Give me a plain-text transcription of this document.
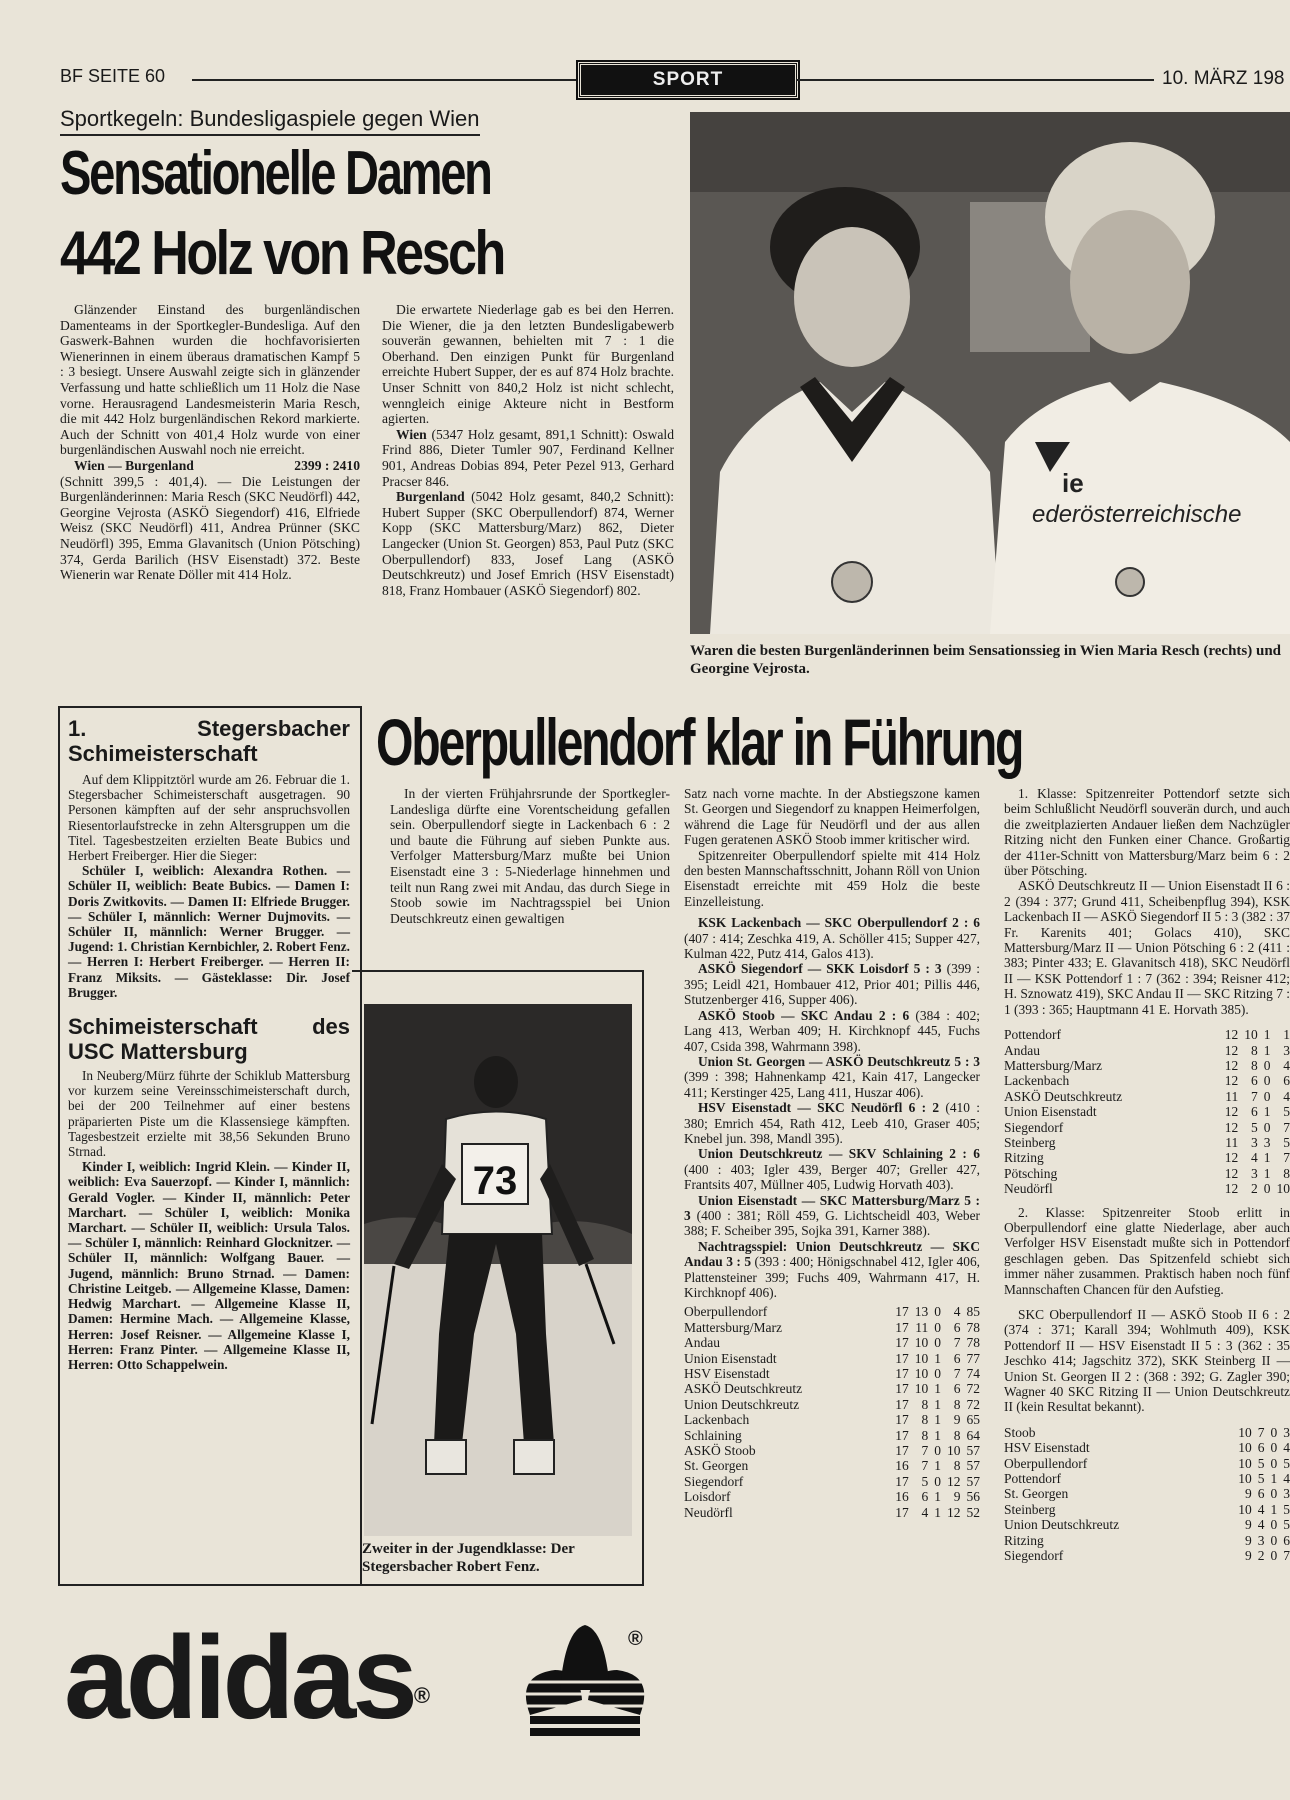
BF SEITE 60	SPORT	10. MÄRZ 198
Sportkegeln: Bundesligaspiele gegen Wien
Sensationelle Damen
442 Holz von Resch

Glänzender Einstand des burgenländischen Damenteams in der Sportkegler-Bundesliga. Auf den Gaswerk-Bahnen wurden die hochfavorisierten Wienerinnen in einem überaus dramatischen Kampf 5 : 3 besiegt. Unsere Auswahl zeigte sich in glänzender Verfassung und hatte schließlich um 11 Holz die Nase vorne. Herausragend Landesmeisterin Maria Resch, die mit 442 Holz burgenländischen Rekord markierte. Auch der Schnitt von 401,4 Holz wurde von einer burgenländischen Auswahl noch nie erreicht.

Wien — Burgenland	2399 : 2410

(Schnitt 399,5 : 401,4). — Die Leistungen der Burgenländerinnen: Maria Resch (SKC Neudörfl) 442, Georgine Vejrosta (ASKÖ Siegendorf) 416, Elfriede Weisz (SKC Neudörfl) 411, Andrea Prünner (SKC Neudörfl) 395, Emma Glavanitsch (Union Pötsching) 374, Gerda Barilich (HSV Eisenstadt) 372. Beste Wienerin war Renate Döller mit 414 Holz.

Die erwartete Niederlage gab es bei den Herren. Die Wiener, die ja den letzten Bundesligabewerb souverän gewannen, behielten mit 7 : 1 die Oberhand. Den einzigen Punkt für Burgenland erreichte Hubert Supper, der es auf 874 Holz brachte. Unser Schnitt von 840,2 Holz ist nicht schlecht, wenngleich einige Akteure nicht in Bestform agierten.

Wien (5347 Holz gesamt, 891,1 Schnitt): Oswald Frind 886, Dieter Tumler 907, Ferdinand Kellner 901, Andreas Dobias 894, Peter Pezel 913, Gerhard Pracser 846.

Burgenland (5042 Holz gesamt, 840,2 Schnitt): Hubert Supper (SKC Oberpullendorf) 874, Werner Kopp (SKC Mattersburg/Marz) 862, Dieter Langecker (Union St. Georgen) 853, Paul Putz (SKC Oberpullendorf) 833, Josef Lang (ASKÖ Deutschkreutz) und Josef Emrich (HSV Eisenstadt) 818, Franz Hombauer (ASKÖ Siegendorf) 802.

ie
ederösterreichische
Waren die besten Burgenländerinnen beim Sensationssieg in Wien Maria Resch (rechts) und Georgine Vejrosta.
1. Stegersbacher Schimeisterschaft

Auf dem Klippitztörl wurde am 26. Februar die 1. Stegersbacher Schimeisterschaft ausgetragen. 90 Personen kämpften auf der sehr anspruchsvollen Riesentorlaufstrecke in zehn Altersgruppen um die Titel. Tagesbestzeiten erzielten Beate Bubics und Herbert Freiberger. Hier die Sieger:

Schüler I, weiblich: Alexandra Rothen. — Schüler II, weiblich: Beate Bubics. — Damen I: Doris Zwitkovits. — Damen II: Elfriede Brugger. — Schüler I, männlich: Werner Dujmovits. — Schüler II, männlich: Werner Brugger. — Jugend: 1. Christian Kernbichler, 2. Robert Fenz. — Herren I: Herbert Freiberger. — Herren II: Franz Miksits. — Gästeklasse: Dir. Josef Brugger.

Schimeisterschaft des USC Mattersburg

In Neuberg/Mürz führte der Schiklub Mattersburg vor kurzem seine Vereinsschimeisterschaft durch, bei der 200 Teilnehmer auf einer bestens präparierten Piste um die Klassensiege kämpften. Tagesbestzeit erzielte mit 38,56 Sekunden Bruno Strnad.

Kinder I, weiblich: Ingrid Klein. — Kinder II, weiblich: Eva Sauerzopf. — Kinder I, männlich: Gerald Vogler. — Kinder II, männlich: Peter Marchart. — Schüler I, weiblich: Monika Marchart. — Schüler II, weiblich: Ursula Talos. — Schüler I, männlich: Reinhard Glocknitzer. — Schüler II, männlich: Wolfgang Bauer. — Jugend, männlich: Bruno Strnad. — Damen: Christine Leitgeb. — Allgemeine Klasse, Damen: Hedwig Marchart. — Allgemeine Klasse II, Damen: Hermine Mach. — Allgemeine Klasse, Herren: Josef Reisner. — Allgemeine Klasse I, Herren: Franz Pinter. — Allgemeine Klasse II, Herren: Otto Schappelwein.

73
Zweiter in der Jugendklasse: Der Stegersbacher Robert Fenz.
Oberpullendorf klar in Führung

In der vierten Frühjahrsrunde der Sportkegler-Landesliga dürfte eine Vorentscheidung gefallen sein. Oberpullendorf siegte in Lackenbach 6 : 2 und baute die Führung auf sieben Punkte aus. Verfolger Mattersburg/Marz mußte bei Union Eisenstadt eine 3 : 5-Niederlage hinnehmen und teilt nun Rang zwei mit Andau, das durch Siege in Stoob sowie im Nachtragsspiel bei Union Deutschkreutz einen gewaltigen

Satz nach vorne machte. In der Abstiegszone kamen St. Georgen und Siegendorf zu knappen Heimerfolgen, während die Lage für Neudörfl und der aus allen Fugen geratenen ASKÖ Stoob immer kritischer wird.

Spitzenreiter Oberpullendorf spielte mit 414 Holz den besten Mannschaftsschnitt, Johann Röll von Union Eisenstadt erreichte mit 459 Holz die beste Einzelleistung.

KSK Lackenbach — SKC Oberpullendorf 2 : 6 (407 : 414; Zeschka 419, A. Schöller 415; Supper 427, Kulman 422, Putz 414, Galos 413).

ASKÖ Siegendorf — SKK Loisdorf 5 : 3 (399 : 395; Leidl 421, Hombauer 412, Prior 401; Pillis 446, Stutzenberger 416, Supper 406).

ASKÖ Stoob — SKC Andau 2 : 6 (384 : 402; Lang 413, Werban 409; H. Kirchknopf 445, Fuchs 407, Csida 398, Wahrmann 398).

Union St. Georgen — ASKÖ Deutschkreutz 5 : 3 (399 : 398; Hahnenkamp 421, Kain 417, Langecker 411; Kerstinger 425, Lang 411, Huszar 406).

HSV Eisenstadt — SKC Neudörfl 6 : 2 (410 : 380; Emrich 454, Rath 412, Leeb 410, Graser 405; Knebel jun. 398, Mandl 395).

Union Deutschkreutz — SKV Schlaining 2 : 6 (400 : 403; Igler 439, Berger 407; Greller 427, Frantsits 407, Müllner 405, Ludwig Horvath 403).

Union Eisenstadt — SKC Mattersburg/Marz 5 : 3 (400 : 381; Röll 459, G. Lichtscheidl 403, Weber 388; F. Scheiber 395, Sojka 391, Karner 388).

Nachtragsspiel: Union Deutschkreutz — SKC Andau 3 : 5 (393 : 400; Hönigschnabel 412, Igler 406, Plattensteiner 399; Fuchs 409, Wahrmann 417, H. Kirchknopf 406).

Oberpullendorf	17	13	0	4	85
Mattersburg/Marz	17	11	0	6	78
Andau	17	10	0	7	78
Union Eisenstadt	17	10	1	6	77
HSV Eisenstadt	17	10	0	7	74
ASKÖ Deutschkreutz	17	10	1	6	72
Union Deutschkreutz	17	8	1	8	72
Lackenbach	17	8	1	9	65
Schlaining	17	8	1	8	64
ASKÖ Stoob	17	7	0	10	57
St. Georgen	16	7	1	8	57
Siegendorf	17	5	0	12	57
Loisdorf	16	6	1	9	56
Neudörfl	17	4	1	12	52

1. Klasse: Spitzenreiter Pottendorf setzte sich beim Schlußlicht Neudörfl souverän durch, und auch die zweitplazierten Andauer ließen dem Nachzügler Ritzing nicht den Funken einer Chance. Großartig der 411er-Schnitt von Mattersburg/Marz beim 6 : 2 über Pötsching.

ASKÖ Deutschkreutz II — Union Eisenstadt II 6 : 2 (394 : 377; Grund 411, Scheibenpflug 394), KSK Lackenbach II — ASKÖ Siegendorf II 5 : 3 (382 : 37 Fr. Karenits 401; Golacs 410), SKC Mattersburg/Marz II — Union Pötsching 6 : 2 (411 : 383; Pinter 433; E. Glavanitsch 418), SKC Neudörfl II — KSK Pottendorf 1 : 7 (362 : 394; Reisner 412; H. Sznowatz 419), SKC Andau II — SKC Ritzing 7 : 1 (393 : 365; Hauptmann 41 E. Horvath 385).

Pottendorf	12	10	1	1
Andau	12	8	1	3
Mattersburg/Marz	12	8	0	4
Lackenbach	12	6	0	6
ASKÖ Deutschkreutz	11	7	0	4
Union Eisenstadt	12	6	1	5
Siegendorf	12	5	0	7
Steinberg	11	3	3	5
Ritzing	12	4	1	7
Pötsching	12	3	1	8
Neudörfl	12	2	0	10

2. Klasse: Spitzenreiter Stoob erlitt in Oberpullendorf eine glatte Niederlage, aber auch Verfolger HSV Eisenstadt mußte sich in Pottendorf geschlagen geben. Das Spitzenfeld schiebt sich immer näher zusammen. Praktisch haben noch fünf Mannschaften Chancen für den Aufstieg.

SKC Oberpullendorf II — ASKÖ Stoob II 6 : 2 (374 : 371; Karall 394; Wohlmuth 409), KSK Pottendorf II — HSV Eisenstadt II 5 : 3 (362 : 35 Jeschko 414; Jagschitz 372), SKK Steinberg II — Union St. Georgen II 2 : (368 : 392; G. Zagler 390; Wagner 40 SKC Ritzing II — Union Deutschkreutz II (kein Resultat bekannt).

Stoob	10	7	0	3
HSV Eisenstadt	10	6	0	4
Oberpullendorf	10	5	0	5
Pottendorf	10	5	1	4
St. Georgen	9	6	0	3
Steinberg	10	4	1	5
Union Deutschkreutz	9	4	0	5
Ritzing	9	3	0	6
Siegendorf	9	2	0	7
adidas®
®
